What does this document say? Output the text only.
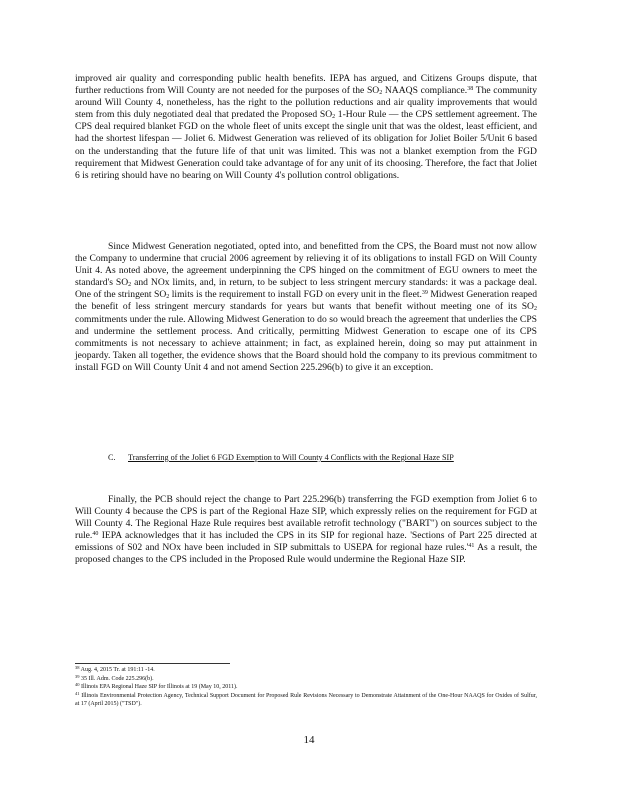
improved air quality and corresponding public health benefits. IEPA has argued, and Citizens Groups dispute, that further reductions from Will County are not needed for the purposes of the $SO_2$ NAAQS compliance.$^{38}$ The community around Will County 4, nonetheless, has the right to the pollution reductions and air quality improvements that would stem from this duly negotiated deal that predated the Proposed $SO_2$ 1-Hour Rule — the CPS settlement agreement. The CPS deal required blanket FGD on the whole fleet of units except the single unit that was the oldest, least efficient, and had the shortest lifespan — Joliet 6. Midwest Generation was relieved of its obligation for Joliet Boiler 5/Unit 6 based on the understanding that the future life of that unit was limited. This was not a blanket exemption from the FGD requirement that Midwest Generation could take advantage of for any unit of its choosing. Therefore, the fact that Joliet 6 is retiring should have no bearing on Will County 4's pollution control obligations.

Since Midwest Generation negotiated, opted into, and benefitted from the CPS, the Board must not now allow the Company to undermine that crucial 2006 agreement by relieving it of its obligations to install FGD on Will County Unit 4. As noted above, the agreement underpinning the CPS hinged on the commitment of EGU owners to meet the standard's $SO_2$ and NOx limits, and, in return, to be subject to less stringent mercury standards: it was a package deal. One of the stringent $SO_2$ limits is the requirement to install FGD on every unit in the fleet.$^{39}$ Midwest Generation reaped the benefit of less stringent mercury standards for years but wants that benefit without meeting one of its $SO_2$ commitments under the rule. Allowing Midwest Generation to do so would breach the agreement that underlies the CPS and undermine the settlement process. And critically, permitting Midwest Generation to escape one of its CPS commitments is not necessary to achieve attainment; in fact, as explained herein, doing so may put attainment in jeopardy. Taken all together, the evidence shows that the Board should hold the company to its previous commitment to install FGD on Will County Unit 4 and not amend Section 225.296(b) to give it an exception.

C. Transferring of the Joliet 6 FGD Exemption to Will County 4 Conflicts with the Regional Haze SIP

Finally, the PCB should reject the change to Part 225.296(b) transferring the FGD exemption from Joliet 6 to Will County 4 because the CPS is part of the Regional Haze SIP, which expressly relies on the requirement for FGD at Will County 4. The Regional Haze Rule requires best available retrofit technology ("BART") on sources subject to the rule.$^{40}$ IEPA acknowledges that it has included the CPS in its SIP for regional haze. 'Sections of Part 225 directed at emissions of S02 and NOx have been included in SIP submittals to USEPA for regional haze $rules.'^{41}$ As a result, the proposed changes to the CPS included in the Proposed Rule would undermine the Regional Haze SIP.

$^{38}$ Aug. 4, 2015 Tr. at 191:11 -14.
$^{39}$ 35 Ill. Adm. Code 225.296(b).
$^{40}$ Illinois EPA Regional Haze SIP for Illinois at 19 (May 10, 2011).
$^{41}$ Illinois Environmental Protection Agency, Technical Support Document for Proposed Rule Revisions Necessary to Demonstrate Attainment of the One-Hour NAAQS for Oxides of Sulfur, at 17 (April 2015) ("TSD").
14
